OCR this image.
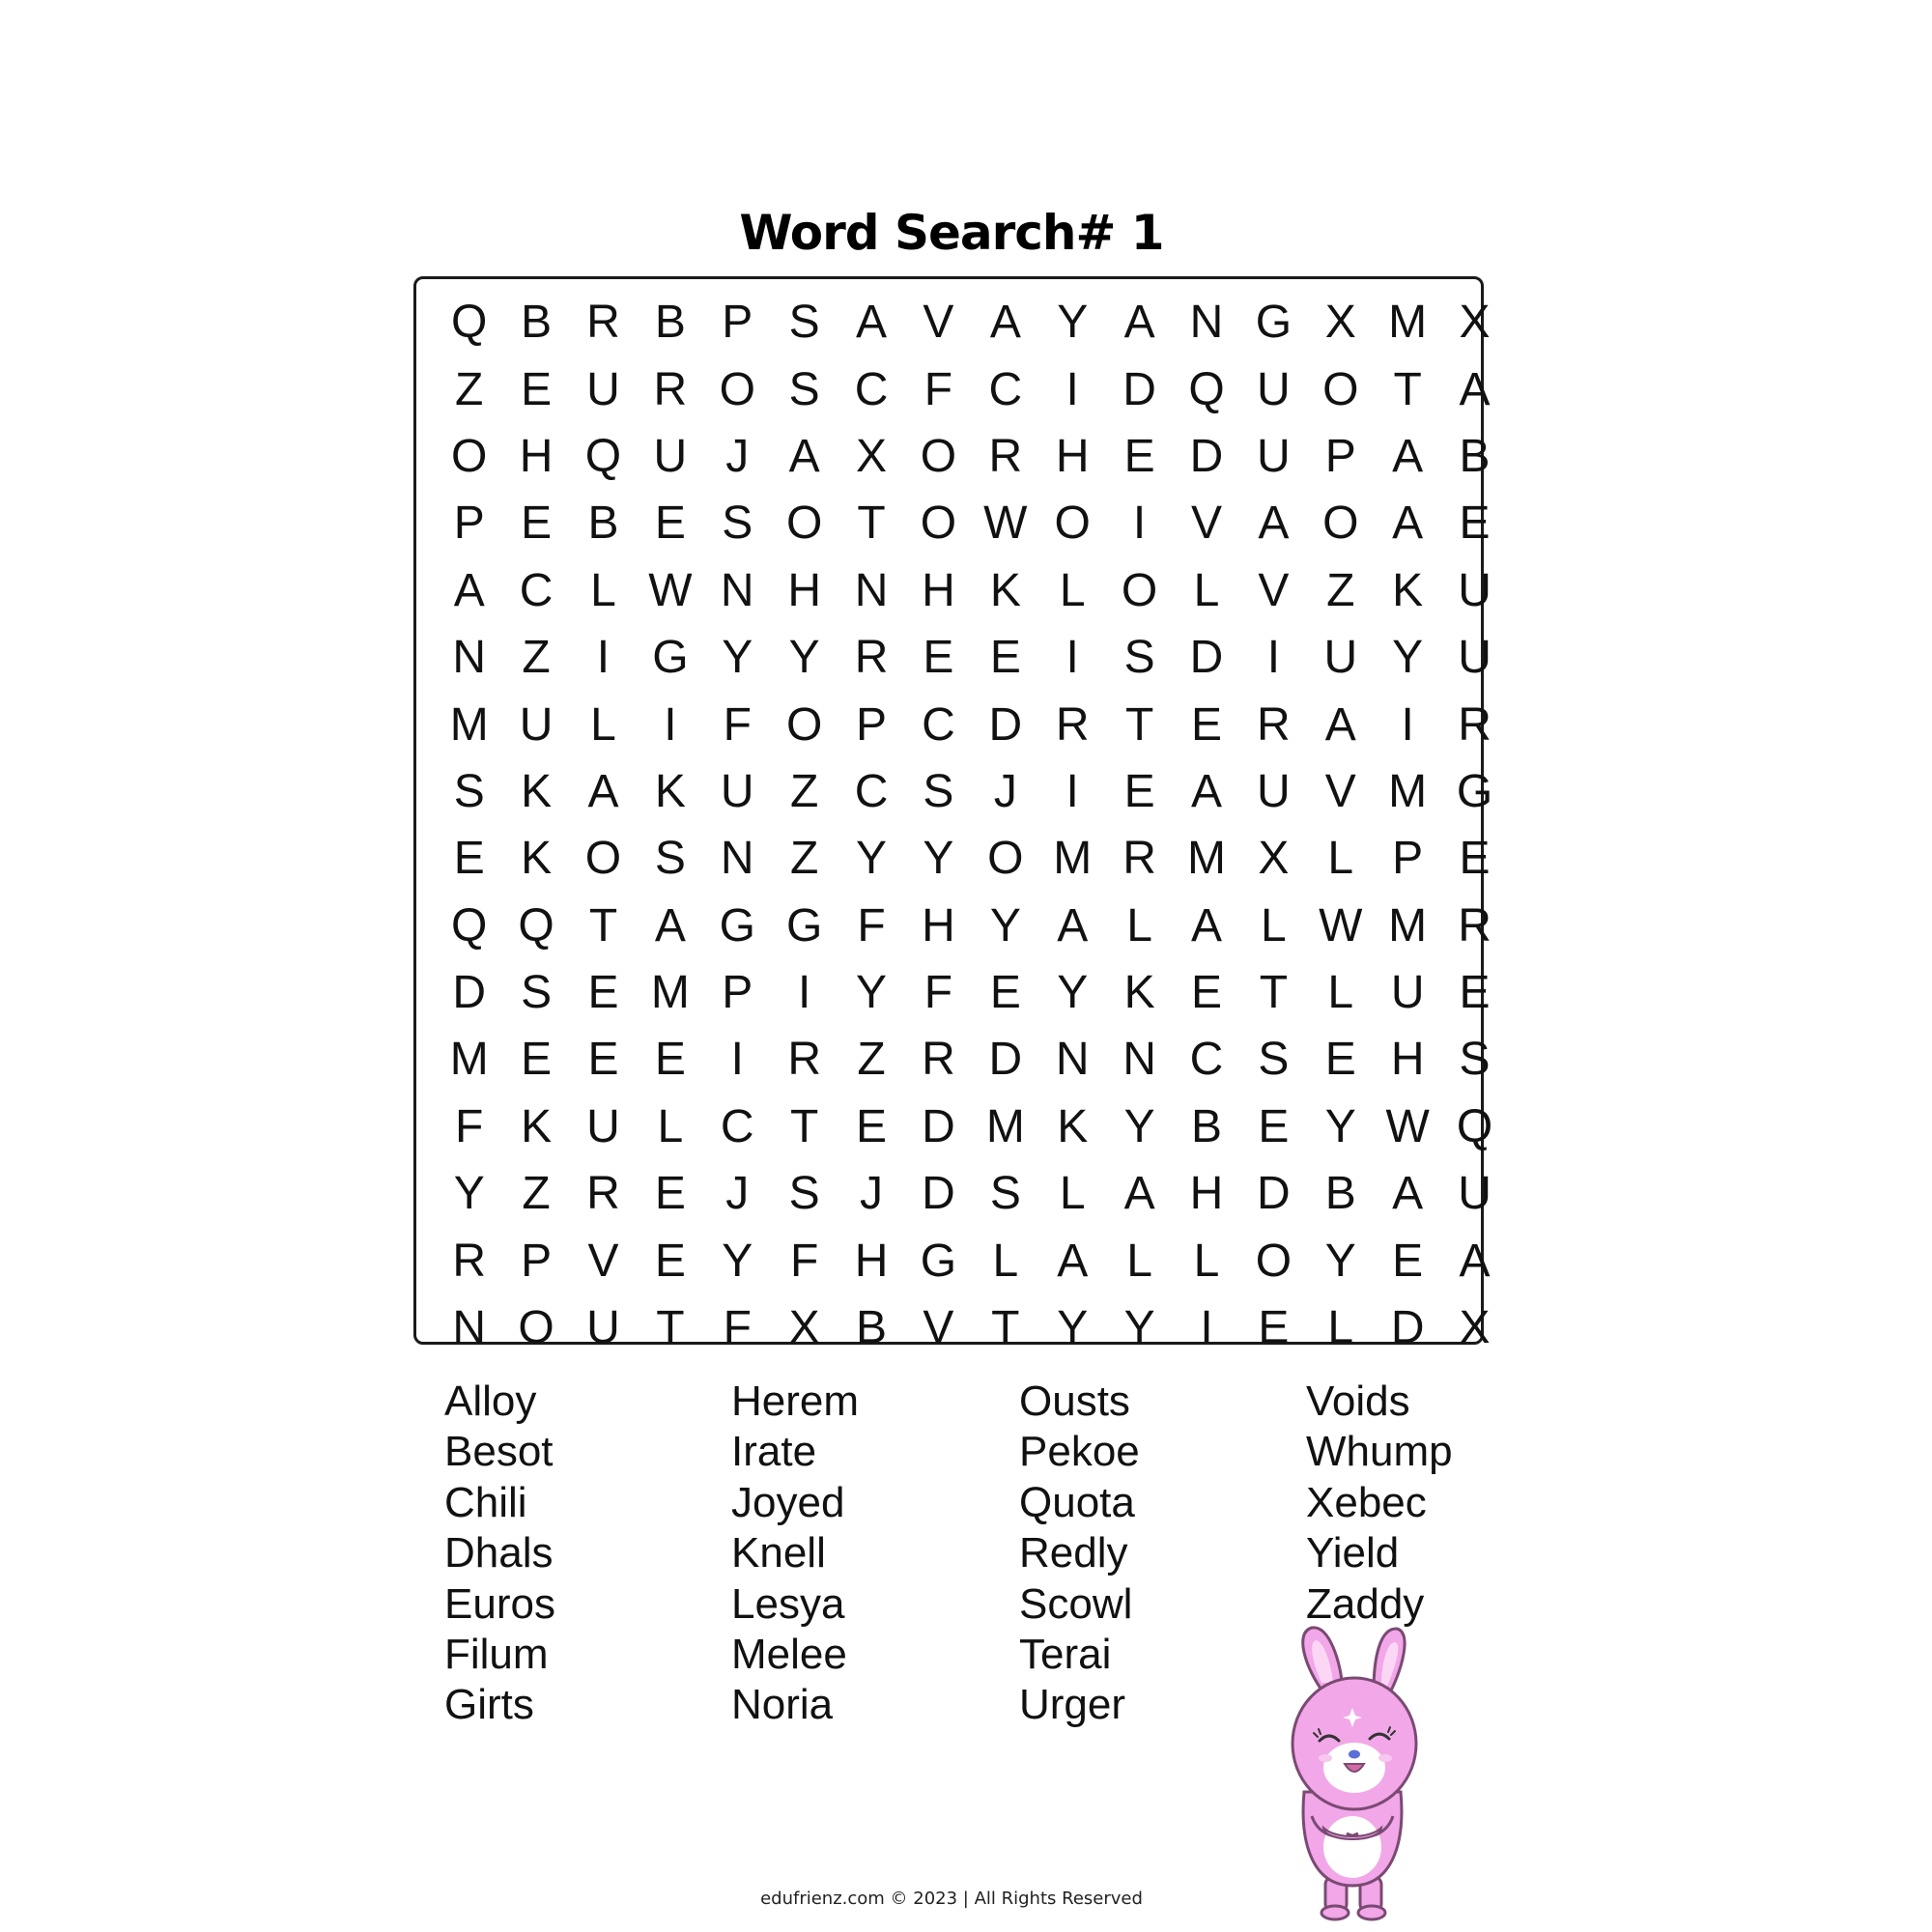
Word Search# 1
Q B R B P S A V A Y A N G X M X
Z E U R O S C F C I D Q U O T A
O H Q U J A X O R H E D U P A B
P E B E S O T O W O I V A O A E
A C L W N H N H K L O L V Z K U
N Z	I G Y Y R E E I S D I U Y U
M U L	I	F O P C D R T E R A I R
S K A K U Z C S J	I E A U V M G
E K O S N Z Y Y O M R M X L P E
Q Q T A G G F H Y A L A L W M R
D S E M P I Y F E Y K E T L U E
M E E E I R Z R D N N C S E H S
F K U L C T E D M K Y B E Y W Q
Y Z R E J S J D S L A H D B A U
R P V E Y F H G L A L L O Y E A
N O U T F X B V T Y Y I E L D X
Alloy
Besot
Chili
Dhals
Euros
Filum
Girts
Herem
Irate
Joyed
Knell
Lesya
Melee
Noria
Ousts
Pekoe
Quota
Redly
Scowl
Terai
Urger
Voids
Whump
Xebec
Yield
Zaddy
edufrienz.com © 2023 | All Rights Reserved
